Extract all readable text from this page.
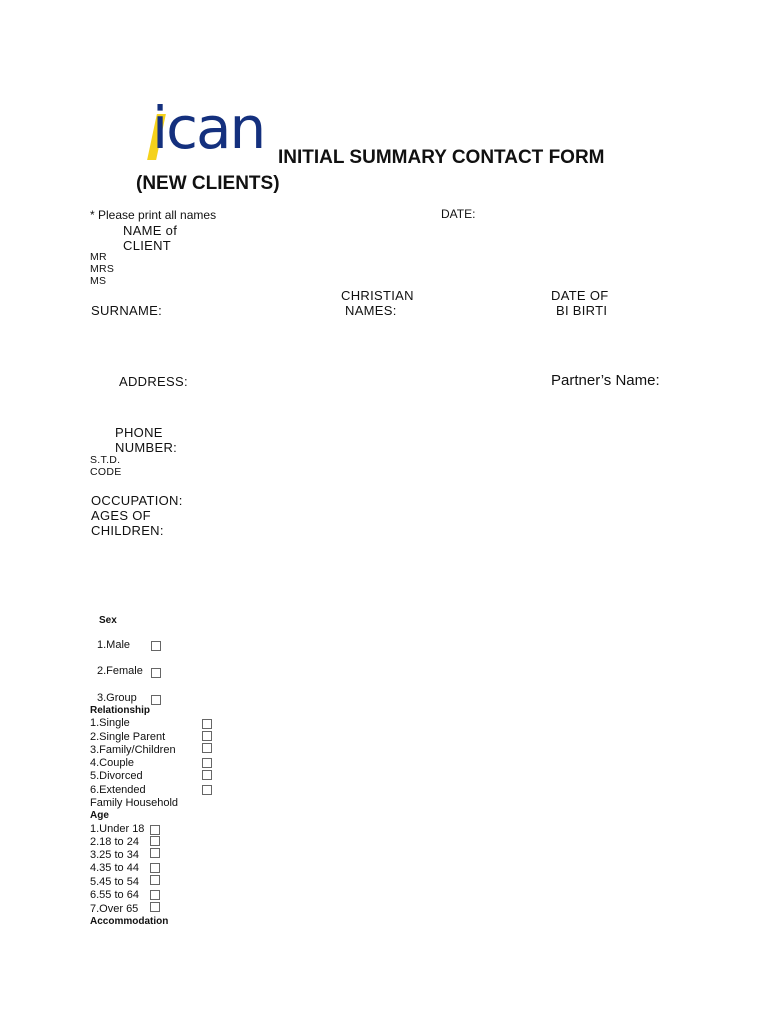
ican INITIAL SUMMARY CONTACT FORM
(NEW CLIENTS)
* Please print all names	DATE:
NAME of
CLIENT
MR
MRS
MS
CHRISTIAN
NAMES:
DATE OF
BI BIRTI
SURNAME:
ADDRESS:	Partner’s Name:
PHONE
NUMBER:
S.T.D.
CODE
OCCUPATION:
AGES OF
CHILDREN:
Sex
1.Male
2.Female
3.Group
Relationship
1.Single
2.Single Parent
3.Family/Children
4.Couple
5.Divorced
6.Extended
Family Household
Age
1.Under 18
2.18 to 24
3.25 to 34
4.35 to 44
5.45 to 54
6.55 to 64
7.Over 65
Accommodation
